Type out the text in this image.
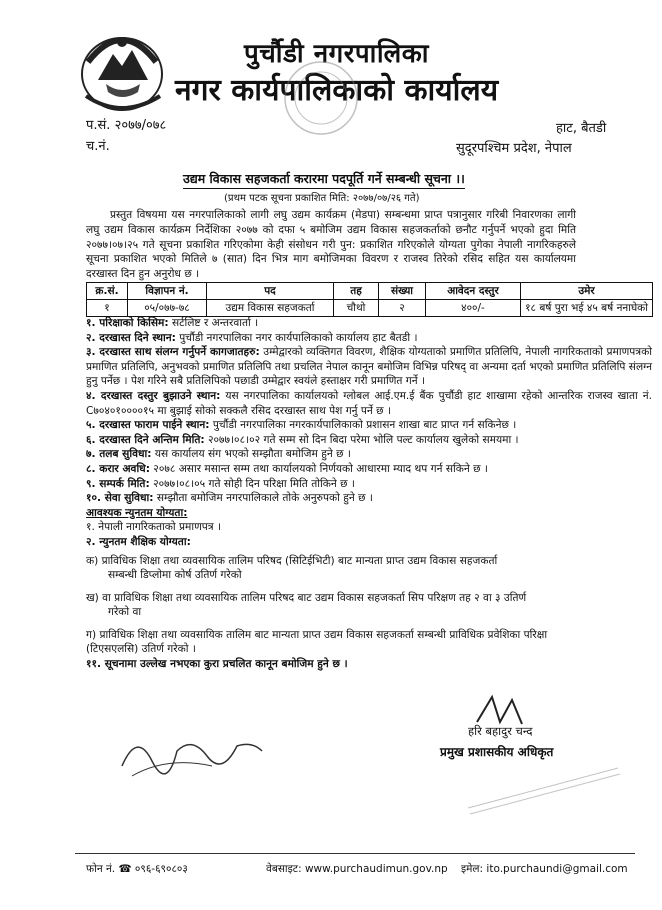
पुर्चौडी नगरपालिका
नगर कार्यपालिकाको कार्यालय
प.सं. २०७७/०७८
च.नं.
हाट, बैतडी
सुदूरपश्चिम प्रदेश, नेपाल
उद्यम विकास सहजकर्ता करारमा पदपूर्ति गर्ने सम्बन्धी सूचना ।।
(प्रथम पटक सूचना प्रकाशित मिति: २०७७/०७/२६ गते)
प्रस्तुत विषयमा यस नगरपालिकाको लागी लघु उद्यम कार्यक्रम (मेडपा) सम्बन्धमा प्राप्त पत्रानुसार गरिबी निवारणका लागी लघु उद्यम विकास कार्यक्रम निर्देशिका २०७७ को दफा ५ बमोजिम उद्यम विकास सहजकर्ताको छनौट गर्नुपर्ने भएको हुदा मिति २०७७।०७।२५ गते सूचना प्रकाशित गरिएकोमा केही संसोधन गरी पुन: प्रकाशित गरिएकोले योग्यता पुगेका नेपाली नागरिकहरुले सूचना प्रकाशित भएको मितिले ७ (सात) दिन भित्र माग बमोजिमका विवरण र राजस्व तिरेको रसिद सहित यस कार्यालयमा दरखास्त दिन हुन अनुरोध छ ।
क्र.सं.	विज्ञापन नं.	पद	तह	संख्या	आवेदन दस्तुर	उमेर
१	०५/०७७-७८	उद्यम विकास सहजकर्ता	चौथो	२	४००/-	१८ बर्ष पुरा भई ४५ बर्ष ननाघेको
१. परिक्षाको किसिम: सर्टलिष्ट र अन्तरवार्ता ।
२. दरखास्त दिने स्थान: पुर्चौडी नगरपालिका नगर कार्यपालिकाको कार्यालय हाट बैतडी ।
३. दरखास्त साथ संलग्न गर्नुपर्ने कागजातहरु: उम्मेद्वारको व्यक्तिगत विवरण, शैक्षिक योग्यताको प्रमाणित प्रतिलिपि, नेपाली नागरिकताको प्रमाणपत्रको प्रमाणित प्रतिलिपि, अनुभवको प्रमाणित प्रतिलिपि तथा प्रचलित नेपाल कानून बमोजिम विभिन्न परिषद् वा अन्यमा दर्ता भएको प्रमाणित प्रतिलिपि संलग्न हुनु पर्नेछ । पेश गरिने सबै प्रतिलिपिको पछाडी उम्मेद्वार स्वयंले हस्ताक्षर गरी प्रमाणित गर्ने ।
४. दरखास्त दस्तुर बुझाउने स्थान: यस नगरपालिका कार्यालयको ग्लोबल आई.एम.ई बैंक पुर्चौडी हाट शाखामा रहेको आन्तरिक राजस्व खाता नं. C७०४०१००००१५ मा बुझाई सोको सक्कलै रसिद दरखास्त साथ पेश गर्नु पर्ने छ ।
५. दरखास्त फाराम पाईने स्थान: पुर्चौडी नगरपालिका नगरकार्यपालिकाको प्रशासन शाखा बाट प्राप्त गर्न सकिनेछ ।
६. दरखास्त दिने अन्तिम मिति: २०७७।०८।०२ गते सम्म सो दिन बिदा परेमा भोलि पल्ट कार्यालय खुलेको समयमा ।
७. तलब सुविधा: यस कार्यालय संग भएको सम्झौता बमोजिम हुने छ ।
८. करार अवधि: २०७८ असार मसान्त सम्म तथा कार्यालयको निर्णयको आधारमा म्याद थप गर्न सकिने छ ।
९. सम्पर्क मिति: २०७७।०८।०५ गते सोही दिन परिक्षा मिति तोकिने छ ।
१०. सेवा सुविधा: सम्झौता बमोजिम नगरपालिकाले तोके अनुरुपको हुने छ ।
आवश्यक न्युनतम योग्यता:
१. नेपाली नागरिकताको प्रमाणपत्र ।
२. न्युनतम शैक्षिक योग्यता:
क) प्राविधिक शिक्षा तथा व्यवसायिक तालिम परिषद (सिटिईभिटी) बाट मान्यता प्राप्त उद्यम विकास सहजकर्ता
सम्बन्धी डिप्लोमा कोर्ष उतिर्ण गरेको
ख) वा प्राविधिक शिक्षा तथा व्यवसायिक तालिम परिषद बाट उद्यम विकास सहजकर्ता सिप परिक्षण तह २ वा ३ उतिर्ण
गरेको वा
ग) प्राविधिक शिक्षा तथा व्यवसायिक तालिम बाट मान्यता प्राप्त उद्यम विकास सहजकर्ता सम्बन्धी प्राविधिक प्रवेशिका परिक्षा
(टिएसएलसि) उतिर्ण गरेको ।
११. सूचनामा उल्लेख नभएका कुरा प्रचलित कानून बमोजिम हुने छ ।
हरि बहादुर चन्द
प्रमुख प्रशासकीय अधिकृत
फोन नं. ☎ ०९६-६९०८०३	वेबसाइट: www.purchaudimun.gov.np इमेल: ito.purchaundi@gmail.com
